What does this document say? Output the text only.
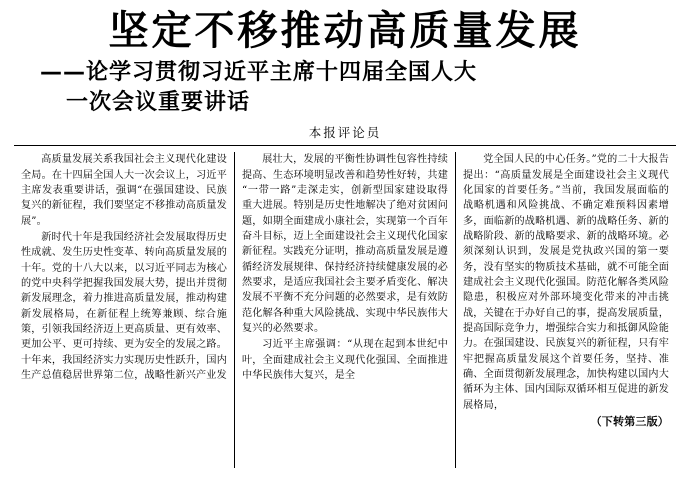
坚定不移推动高质量发展
——论学习贯彻习近平主席十四届全国人大
一次会议重要讲话
本报评论员

高质量发展关系我国社会主义现代化建设全局。在十四届全国人大一次会议上，习近平主席发表重要讲话，强调“在强国建设、民族复兴的新征程，我们要坚定不移推动高质量发展”。

新时代十年是我国经济社会发展取得历史性成就、发生历史性变革、转向高质量发展的十年。党的十八大以来，以习近平同志为核心的党中央科学把握我国发展大势，提出并贯彻新发展理念，着力推进高质量发展，推动构建新发展格局，在新征程上统筹兼顾、综合施策，引领我国经济迈上更高质量、更有效率、更加公平、更可持续、更为安全的发展之路。十年来，我国经济实力实现历史性跃升，国内生产总值稳居世界第二位，战略性新兴产业发

展壮大，发展的平衡性协调性包容性持续提高、生态环境明显改善和趋势性好转，共建“一带一路”走深走实，创新型国家建设取得重大进展。特别是历史性地解决了绝对贫困问题，如期全面建成小康社会，实现第一个百年奋斗目标，迈上全面建设社会主义现代化国家新征程。实践充分证明，推动高质量发展是遵循经济发展规律、保持经济持续健康发展的必然要求，是适应我国社会主要矛盾变化、解决发展不平衡不充分问题的必然要求，是有效防范化解各种重大风险挑战、实现中华民族伟大复兴的必然要求。

习近平主席强调：“从现在起到本世纪中叶，全面建成社会主义现代化强国、全面推进中华民族伟大复兴，是全

党全国人民的中心任务。”党的二十大报告提出：“高质量发展是全面建设社会主义现代化国家的首要任务。”当前，我国发展面临的战略机遇和风险挑战、不确定难预料因素增多，面临新的战略机遇、新的战略任务、新的战略阶段、新的战略要求、新的战略环境。必须深刻认识到，发展是党执政兴国的第一要务，没有坚实的物质技术基础，就不可能全面建成社会主义现代化强国。防范化解各类风险隐患，积极应对外部环境变化带来的冲击挑战，关键在于办好自己的事，提高发展质量，提高国际竞争力，增强综合实力和抵御风险能力。在强国建设、民族复兴的新征程，只有牢牢把握高质量发展这个首要任务，坚持、准确、全面贯彻新发展理念，加快构建以国内大循环为主体、国内国际双循环相互促进的新发展格局，

（下转第三版）
